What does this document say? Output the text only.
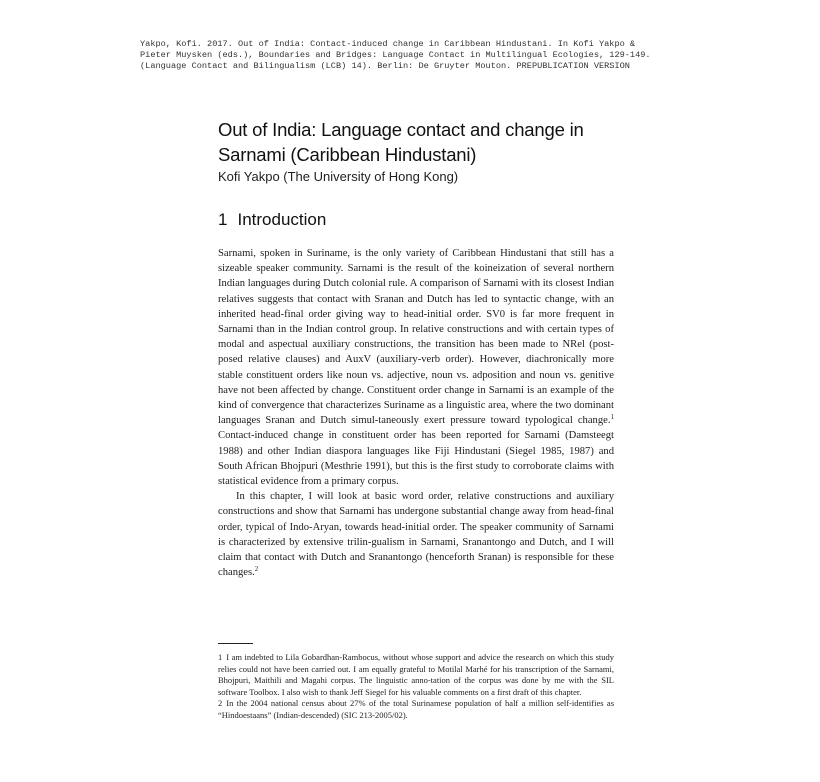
Yakpo, Kofi. 2017. Out of India: Contact-induced change in Caribbean Hindustani. In Kofi Yakpo &
Pieter Muysken (eds.), Boundaries and Bridges: Language Contact in Multilingual Ecologies, 129-149.
(Language Contact and Bilingualism (LCB) 14). Berlin: De Gruyter Mouton. PREPUBLICATION VERSION
Out of India: Language contact and change in
Sarnami (Caribbean Hindustani)
Kofi Yakpo (The University of Hong Kong)
1 Introduction

Sarnami, spoken in Suriname, is the only variety of Caribbean Hindustani that still has a sizeable speaker community. Sarnami is the result of the koineization of several northern Indian languages during Dutch colonial rule. A comparison of Sarnami with its closest Indian relatives suggests that contact with Sranan and Dutch has led to syntactic change, with an inherited head-final order giving way to head-initial order. SV0 is far more frequent in Sarnami than in the Indian control group. In relative constructions and with certain types of modal and aspectual auxiliary constructions, the transition has been made to NRel (post-posed relative clauses) and AuxV (auxiliary-verb order). However, diachronically more stable constituent orders like noun vs. adjective, noun vs. adposition and noun vs. genitive have not been affected by change. Constituent order change in Sarnami is an example of the kind of convergence that characterizes Suriname as a linguistic area, where the two dominant languages Sranan and Dutch simul-taneously exert pressure toward typological change.$^1$ Contact-induced change in constituent order has been reported for Sarnami (Damsteegt 1988) and other Indian diaspora languages like Fiji Hindustani (Siegel 1985, 1987) and South African Bhojpuri (Mesthrie 1991), but this is the first study to corroborate claims with statistical evidence from a primary corpus.

In this chapter, I will look at basic word order, relative constructions and auxiliary constructions and show that Sarnami has undergone substantial change away from head-final order, typical of Indo-Aryan, towards head-initial order. The speaker community of Sarnami is characterized by extensive trilin-gualism in Sarnami, Sranantongo and Dutch, and I will claim that contact with Dutch and Sranantongo (henceforth Sranan) is responsible for these changes.$^2$

1 I am indebted to Lila Gobardhan-Rambocus, without whose support and advice the research on which this study relies could not have been carried out. I am equally grateful to Motilal Marhé for his transcription of the Sarnami, Bhojpuri, Maithili and Magahi corpus. The linguistic anno-tation of the corpus was done by me with the SIL software Toolbox. I also wish to thank Jeff Siegel for his valuable comments on a first draft of this chapter.

2 In the 2004 national census about 27% of the total Surinamese population of half a million self-identifies as “Hindoestaans” (Indian-descended) (SIC 213-2005/02).
